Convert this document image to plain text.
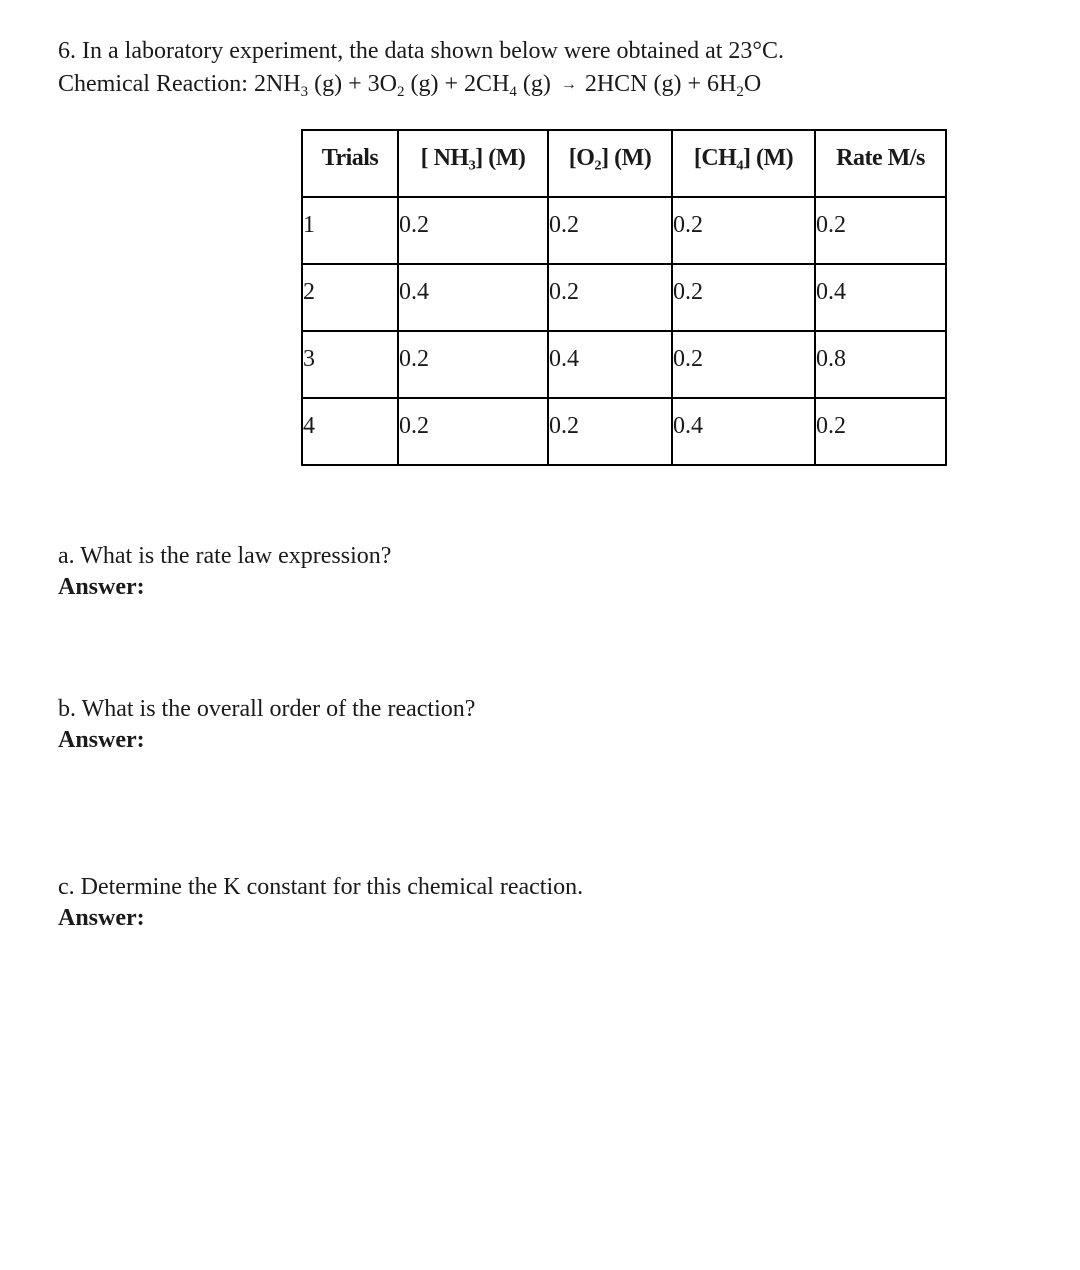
6. In a laboratory experiment, the data shown below were obtained at 23°C.
Chemical Reaction: $2NH_3$ $(g) + 3O_2$ $(g) + 2CH_4$ (g) → 2HCN $(g) + 6H_2O$
Trials	[ NH₃] (M)	[O₂] (M)	[CH₄] (M)	Rate M/s
1	0.2	0.2	0.2	0.2
2	0.4	0.2	0.2	0.4
3	0.2	0.4	0.2	0.8
4	0.2	0.2	0.4	0.2
a. What is the rate law expression?
Answer:
b. What is the overall order of the reaction?
Answer:
c. Determine the K constant for this chemical reaction.
Answer:
